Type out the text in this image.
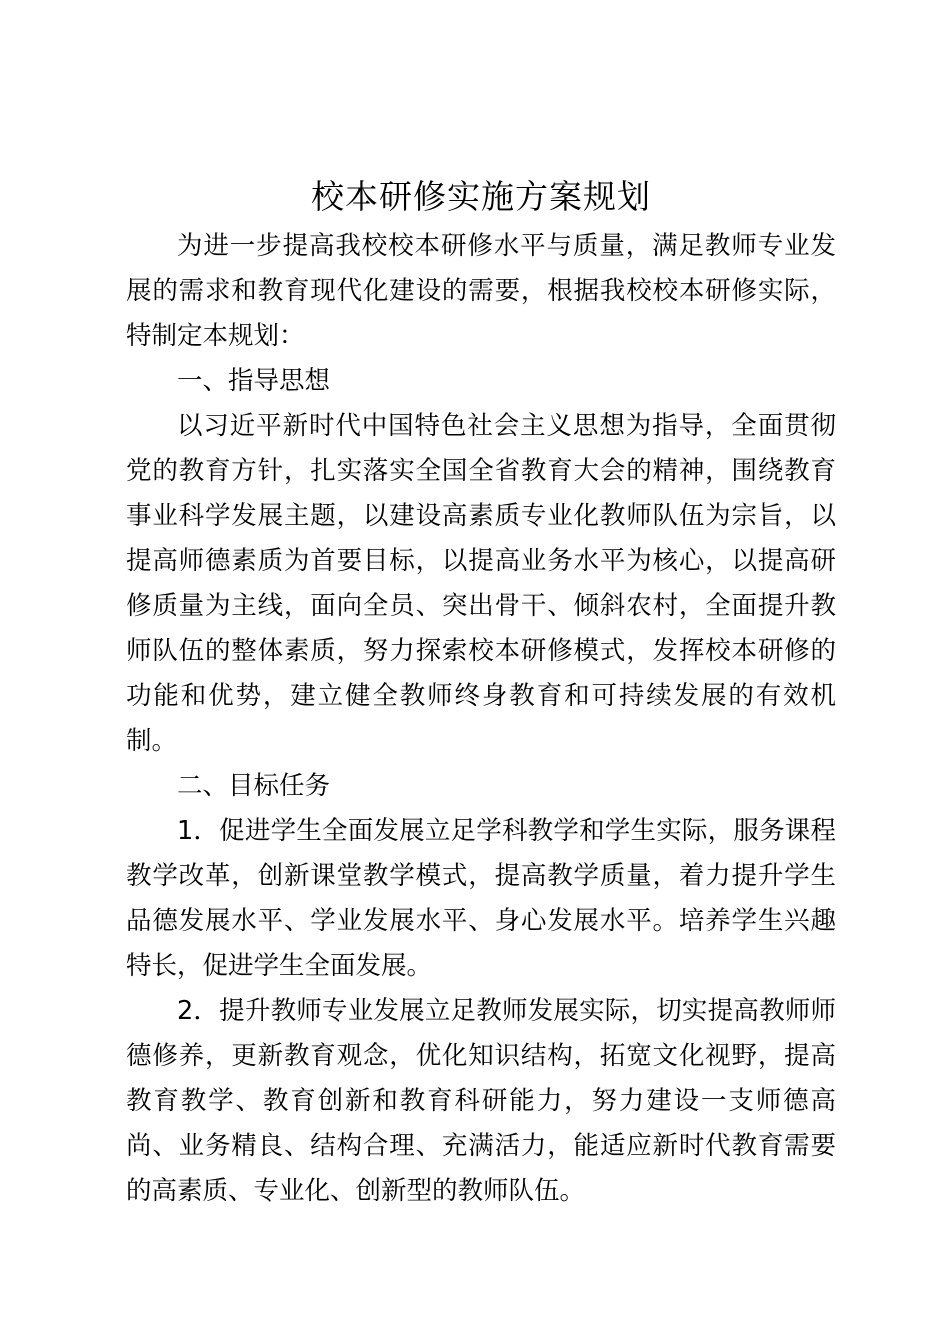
校本研修实施方案规划

为进一步提高我校校本研修水平与质量，满足教师专业发展的需求和教育现代化建设的需要，根据我校校本研修实际，特制定本规划：

一、指导思想

以习近平新时代中国特色社会主义思想为指导，全面贯彻党的教育方针，扎实落实全国全省教育大会的精神，围绕教育事业科学发展主题，以建设高素质专业化教师队伍为宗旨，以提高师德素质为首要目标，以提高业务水平为核心，以提高研修质量为主线，面向全员、突出骨干、倾斜农村，全面提升教师队伍的整体素质，努力探索校本研修模式，发挥校本研修的功能和优势，建立健全教师终身教育和可持续发展的有效机制。

二、目标任务

1．促进学生全面发展立足学科教学和学生实际，服务课程教学改革，创新课堂教学模式，提高教学质量，着力提升学生品德发展水平、学业发展水平、身心发展水平。培养学生兴趣特长，促进学生全面发展。

2．提升教师专业发展立足教师发展实际，切实提高教师师德修养，更新教育观念，优化知识结构，拓宽文化视野，提高教育教学、教育创新和教育科研能力，努力建设一支师德高尚、业务精良、结构合理、充满活力，能适应新时代教育需要的高素质、专业化、创新型的教师队伍。
